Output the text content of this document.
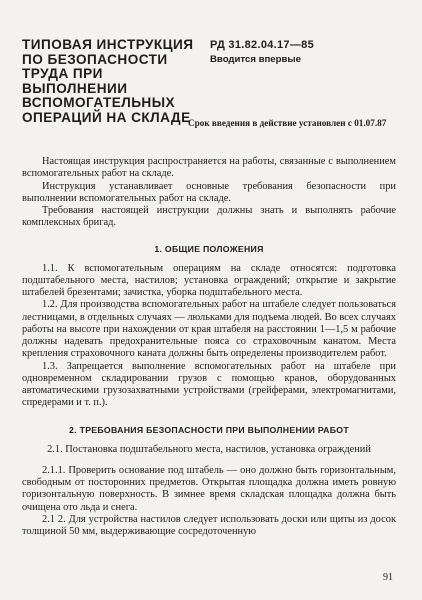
ТИПОВАЯ ИНСТРУКЦИЯ ПО БЕЗОПАСНОСТИ ТРУДА ПРИ ВЫПОЛНЕНИИ ВСПОМОГАТЕЛЬНЫХ ОПЕРАЦИЙ НА СКЛАДЕ
РД 31.82.04.17—85
Вводится впервые
Срок введения в действие установлен с 01.07.87

Настоящая инструкция распространяется на работы, связанные с выполнением вспомогательных работ на складе.

Инструкция устанавливает основные требования безопасности при выполнении вспомогательных работ на складе.

Требования настоящей инструкции должны знать и выполнять рабочие комплексных бригад.

1. ОБЩИЕ ПОЛОЖЕНИЯ

1.1. К вспомогательным операциям на складе относятся: подготовка подштабельного места, настилов; установка ограждений; открытие и закрытие штабелей брезентами; зачистка, уборка подштабельного места.

1.2. Для производства вспомогательных работ на штабеле следует пользоваться лестницами, в отдельных случаях — люльками для подъема людей. Во всех случаях работы на высоте при нахождении от края штабеля на расстоянии 1—1,5 м рабочие должны надевать предохранительные пояса со страховочным канатом. Места крепления страховочного каната должны быть определены производителем работ.

1.3. Запрещается выполнение вспомогательных работ на штабеле при одновременном складировании грузов с помощью кранов, оборудованных автоматическими грузозахватными устройствами (грейферами, электромагнитами, спредерами и т. п.).

2. ТРЕБОВАНИЯ БЕЗОПАСНОСТИ ПРИ ВЫПОЛНЕНИИ РАБОТ
2.1. Постановка подштабельного места, настилов, установка ограждений

2.1.1. Проверить основание под штабель — оно должно быть горизонтальным, свободным от посторонних предметов. Открытая площадка должна иметь ровную горизонтальную поверхность. В зимнее время складская площадка должна быть очищена ото льда и снега.

2.1 2. Для устройства настилов следует использовать доски или щиты из досок толщиной 50 мм, выдерживающие сосредоточенную

91
